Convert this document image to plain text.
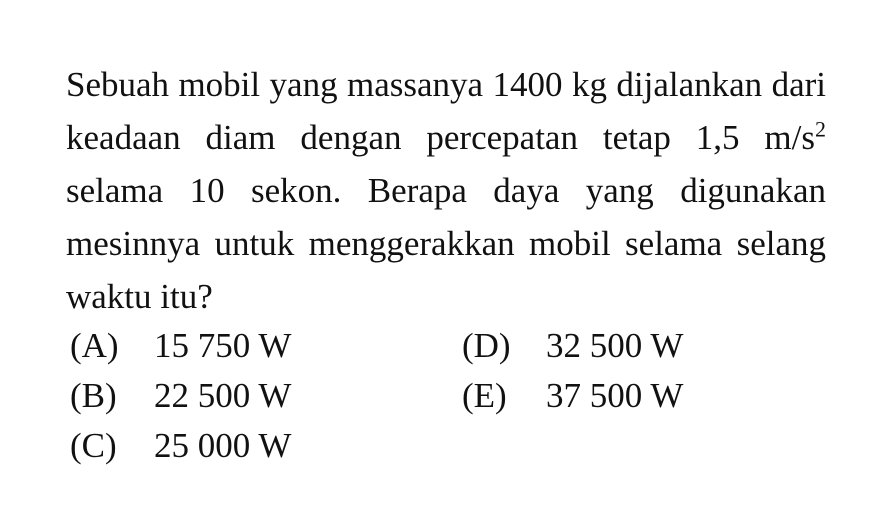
Sebuah mobil yang massanya 1400 kg dijalankan dari keadaan diam dengan percepatan tetap 1,5 $m/s^2$ selama 10 sekon. Berapa daya yang digunakan mesinnya untuk menggerakkan mobil selama selang waktu itu?

(A) 15 750 W	(D) 32 500 W
(B) 22 500 W	(E) 37 500 W
(C) 25 000 W
